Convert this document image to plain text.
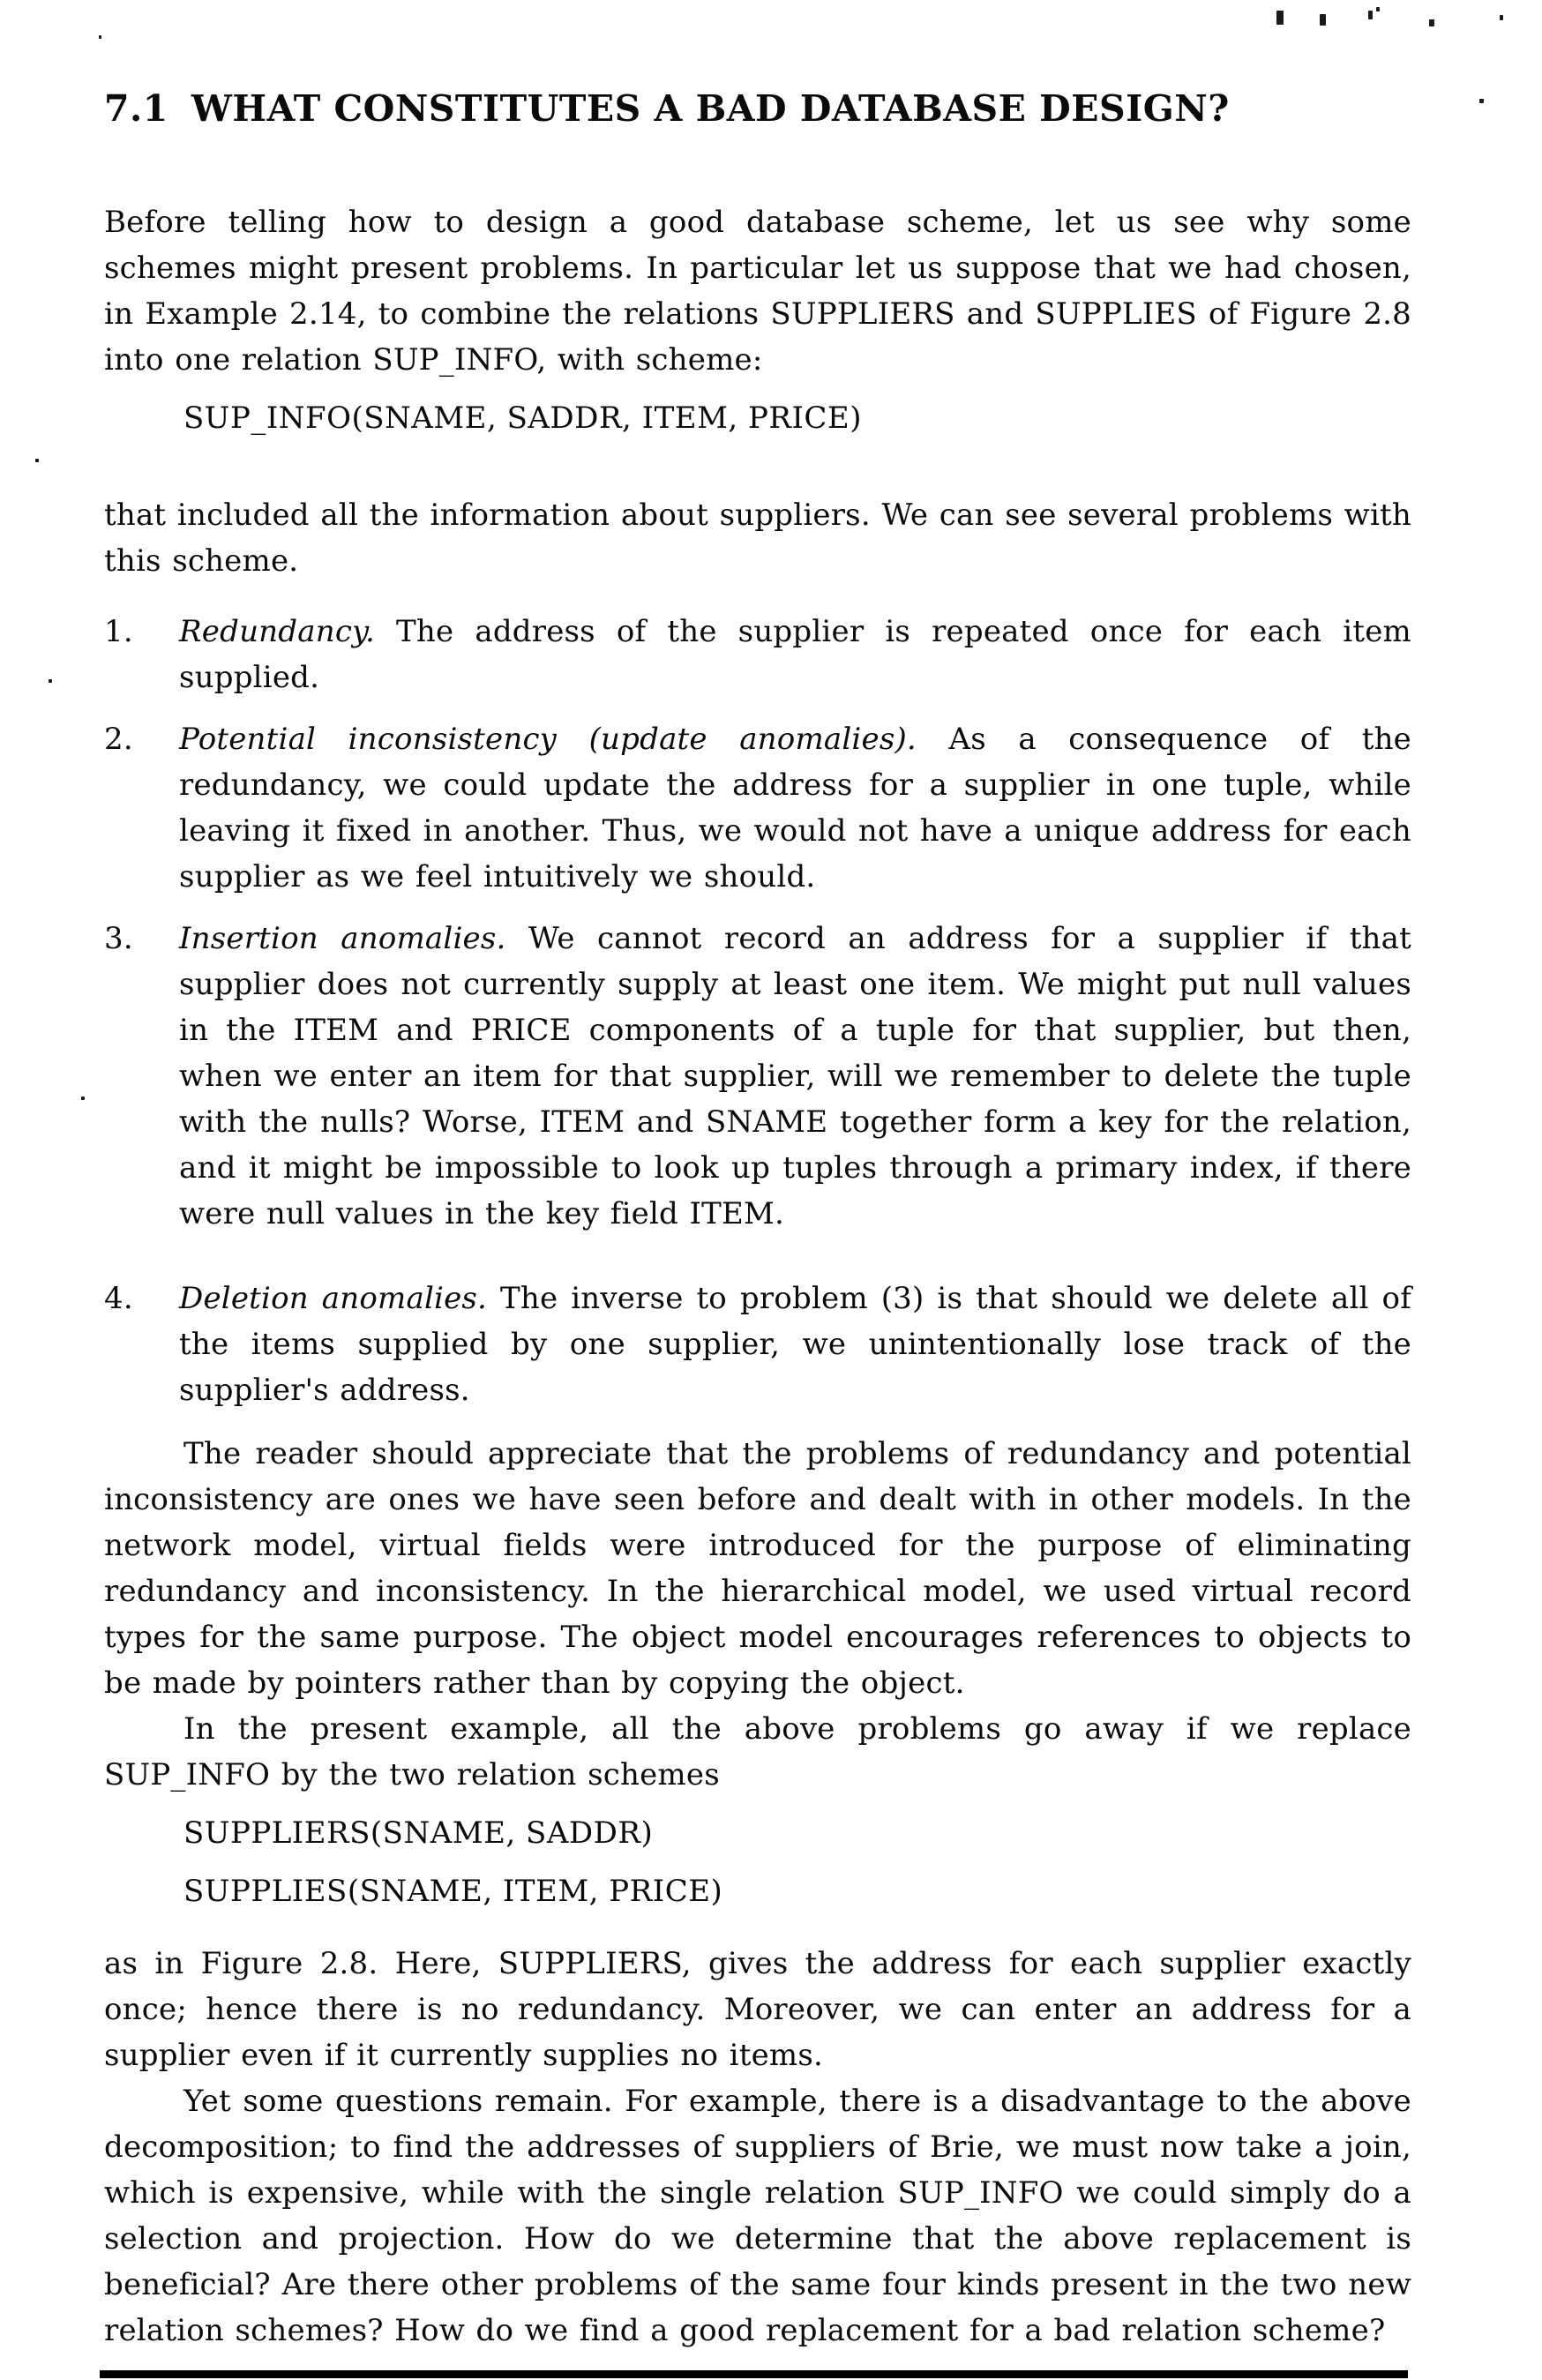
7.1 WHAT CONSTITUTES A BAD DATABASE DESIGN?

Before telling how to design a good database scheme, let us see why some schemes might present problems. In particular let us suppose that we had chosen, in Example 2.14, to combine the relations SUPPLIERS and SUPPLIES of Figure 2.8 into one relation SUP_INFO, with scheme:

SUP_INFO(SNAME, SADDR, ITEM, PRICE)

that included all the information about suppliers. We can see several problems with this scheme.

1. Redundancy. The address of the supplier is repeated once for each item supplied.
2. Potential inconsistency (update anomalies). As a consequence of the redundancy, we could update the address for a supplier in one tuple, while leaving it fixed in another. Thus, we would not have a unique address for each supplier as we feel intuitively we should.
3. Insertion anomalies. We cannot record an address for a supplier if that supplier does not currently supply at least one item. We might put null values in the ITEM and PRICE components of a tuple for that supplier, but then, when we enter an item for that supplier, will we remember to delete the tuple with the nulls? Worse, ITEM and SNAME together form a key for the relation, and it might be impossible to look up tuples through a primary index, if there were null values in the key field ITEM.
4. Deletion anomalies. The inverse to problem (3) is that should we delete all of the items supplied by one supplier, we unintentionally lose track of the supplier's address.

The reader should appreciate that the problems of redundancy and potential inconsistency are ones we have seen before and dealt with in other models. In the network model, virtual fields were introduced for the purpose of eliminating redundancy and inconsistency. In the hierarchical model, we used virtual record types for the same purpose. The object model encourages references to objects to be made by pointers rather than by copying the object.

In the present example, all the above problems go away if we replace SUP_INFO by the two relation schemes

SUPPLIERS(SNAME, SADDR)
SUPPLIES(SNAME, ITEM, PRICE)

as in Figure 2.8. Here, SUPPLIERS, gives the address for each supplier exactly once; hence there is no redundancy. Moreover, we can enter an address for a supplier even if it currently supplies no items.

Yet some questions remain. For example, there is a disadvantage to the above decomposition; to find the addresses of suppliers of Brie, we must now take a join, which is expensive, while with the single relation SUP_INFO we could simply do a selection and projection. How do we determine that the above replacement is beneficial? Are there other problems of the same four kinds present in the two new relation schemes? How do we find a good replacement for a bad relation scheme?
